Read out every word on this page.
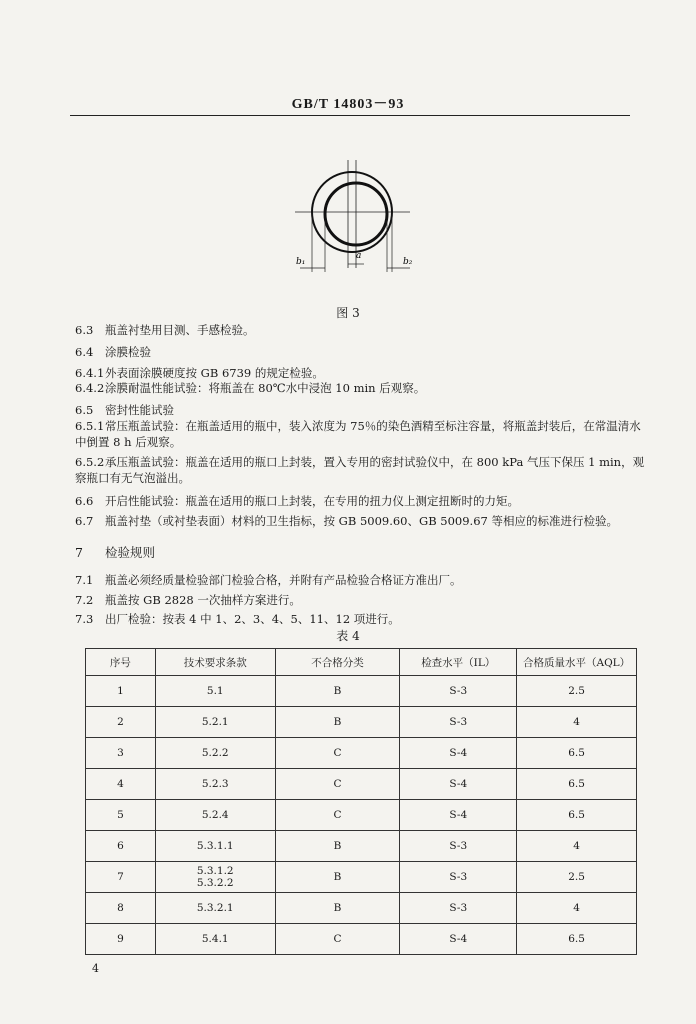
GB/T 14803－93
b₁
a
b₂
图 3
6.3 瓶盖衬垫用目测、手感检验。
6.4 涂膜检验
6.4.1外表面涂膜硬度按 GB 6739 的规定检验。
6.4.2涂膜耐温性能试验：将瓶盖在 80℃水中浸泡 10 min 后观察。
6.5 密封性能试验
6.5.1常压瓶盖试验：在瓶盖适用的瓶中，装入浓度为 75％的染色酒精至标注容量，将瓶盖封装后，在常温清水中倒置 8 h 后观察。
6.5.2承压瓶盖试验：瓶盖在适用的瓶口上封装，置入专用的密封试验仪中，在 800 kPa 气压下保压 1 min，观察瓶口有无气泡溢出。
6.6 开启性能试验：瓶盖在适用的瓶口上封装，在专用的扭力仪上测定扭断时的力矩。
6.7 瓶盖衬垫（或衬垫表面）材料的卫生指标，按 GB 5009.60、GB 5009.67 等相应的标准进行检验。
7 检验规则
7.1 瓶盖必须经质量检验部门检验合格，并附有产品检验合格证方准出厂。
7.2 瓶盖按 GB 2828 一次抽样方案进行。
7.3 出厂检验：按表 4 中 1、2、3、4、5、11、12 项进行。
表 4
序号	技术要求条款	不合格分类	检查水平（IL）	合格质量水平（AQL）
1	5.1	B	S-3	2.5
2	5.2.1	B	S-3	4
3	5.2.2	C	S-4	6.5
4	5.2.3	C	S-4	6.5
5	5.2.4	C	S-4	6.5
6	5.3.1.1	B	S-3	4
7	5.3.1.2
5.3.2.2	B	S-3	2.5
8	5.3.2.1	B	S-3	4
9	5.4.1	C	S-4	6.5
4
